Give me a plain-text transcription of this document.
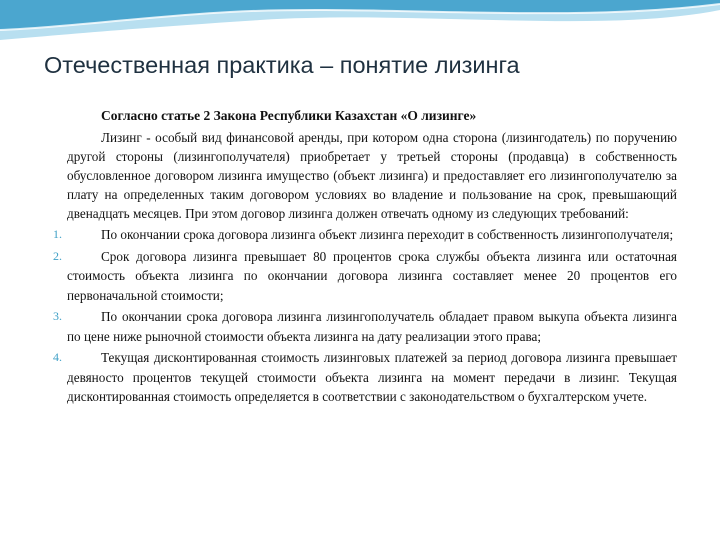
Отечественная практика – понятие лизинга

Согласно статье 2 Закона Республики Казахстан «О лизинге»

Лизинг - особый вид финансовой аренды, при котором одна сторона (лизингодатель) по поручению другой стороны (лизингополучателя) приобретает у третьей стороны (продавца) в собственность обусловленное договором лизинга имущество (объект лизинга) и предоставляет его лизингополучателю за плату на определенных таким договором условиях во владение и пользование на срок, превышающий двенадцать месяцев. При этом договор лизинга должен отвечать одному из следующих требований:

1.	По окончании срока договора лизинга объект лизинга переходит в собственность лизингополучателя;
2.	Срок договора лизинга превышает 80 процентов срока службы объекта лизинга или остаточная стоимость объекта лизинга по окончании договора лизинга составляет менее 20 процентов его первоначальной стоимости;
3.	По окончании срока договора лизинга лизингополучатель обладает правом выкупа объекта лизинга по цене ниже рыночной стоимости объекта лизинга на дату реализации этого права;
4.	Текущая дисконтированная стоимость лизинговых платежей за период договора лизинга превышает девяносто процентов текущей стоимости объекта лизинга на момент передачи в лизинг. Текущая дисконтированная стоимость определяется в соответствии с законодательством о бухгалтерском учете.
